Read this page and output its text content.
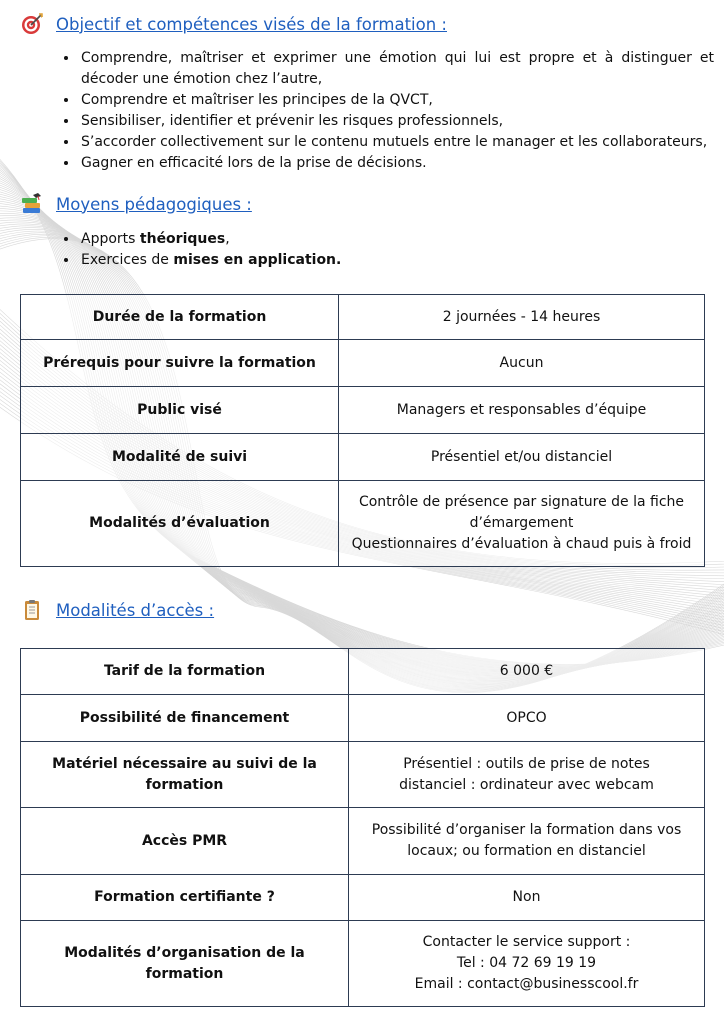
Objectif et compétences visés de la formation :
• Comprendre, maîtriser et exprimer une émotion qui lui est propre et à distinguer et décoder une émotion chez l’autre,
• Comprendre et maîtriser les principes de la QVCT,
• Sensibiliser, identifier et prévenir les risques professionnels,
• S’accorder collectivement sur le contenu mutuels entre le manager et les collaborateurs,
• Gagner en efficacité lors de la prise de décisions.
Moyens pédagogiques :
• Apports théoriques,
• Exercices de mises en application.
Durée de la formation	2 journées - 14 heures
Prérequis pour suivre la formation	Aucun
Public visé	Managers et responsables d’équipe
Modalité de suivi	Présentiel et/ou distanciel
Modalités d’évaluation	Contrôle de présence par signature de la fiche d’émargement
Questionnaires d’évaluation à chaud puis à froid
Modalités d’accès :
Tarif de la formation	6 000 €
Possibilité de financement	OPCO
Matériel nécessaire au suivi de la formation	Présentiel : outils de prise de notes
distanciel : ordinateur avec webcam
Accès PMR	Possibilité d’organiser la formation dans vos locaux; ou formation en distanciel
Formation certifiante ?	Non
Modalités d’organisation de la formation	Contacter le service support :
Tel : 04 72 69 19 19
Email : contact@businesscool.fr
